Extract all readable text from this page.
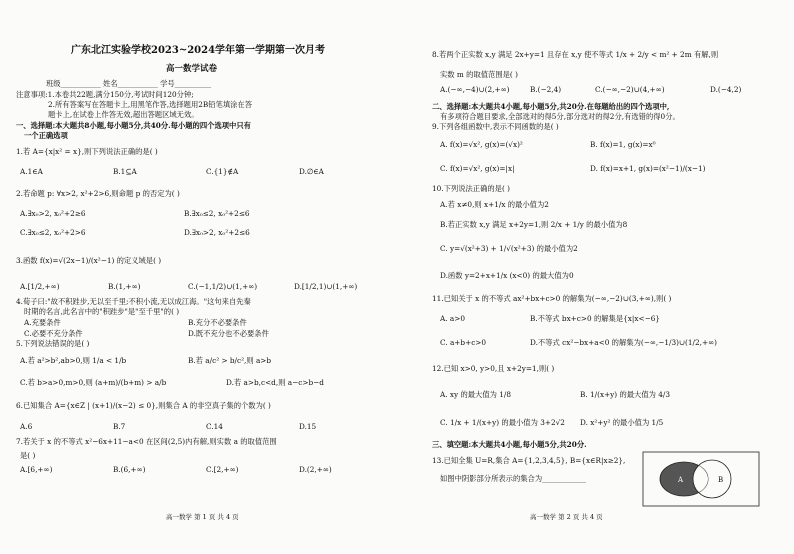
广东北江实验学校2023~2024学年第一学期第一次月考
高一数学试卷
班级___________ 姓名___________ 学号__________
注意事项:1.本卷共22题,满分150分,考试时间120分钟;
2.所有答案写在答题卡上,用黑笔作答,选择题用2B铅笔填涂在答
题卡上,在试卷上作答无效,超出答题区域无效。
一、选择题:本大题共8小题,每小题5分,共40分.每小题的四个选项中只有
一个正确选项
1.若 A={x|x² = x},则下列说法正确的是( )
A.1∈A	B.1⊆A	C.{1}∉A	D.∅∈A
2.若命题 p: ∀x>2, x²+2>6,则命题 p 的否定为( )
A.∃x₀>2, x₀²+2≥6	B.∃x₀≤2, x₀²+2≤6
C.∃x₀≤2, x₀²+2>6	D.∃x₀>2, x₀²+2≤6
3.函数 f(x)=√(2x−1)/(x²−1) 的定义域是( )
A.[1/2,+∞)	B.(1,+∞)	C.(−1,1/2)∪(1,+∞)	D.[1/2,1)∪(1,+∞)
4.荀子曰:"故不积跬步,无以至千里;不积小流,无以成江海。"这句来自先秦
时期的名言,此名言中的"积跬步"是"至千里"的( )
A.充要条件	B.充分不必要条件
C.必要不充分条件	D.既不充分也不必要条件
5.下列说法错误的是( )
A.若 a²>b²,ab>0,则 1/a < 1/b	B.若 a/c² > b/c²,则 a>b
C.若 b>a>0,m>0,则 (a+m)/(b+m) > a/b	D.若 a>b,c<d,则 a−c>b−d
6.已知集合 A={x∈Z | (x+1)/(x−2) ≤ 0},则集合 A 的非空真子集的个数为( )
A.6	B.7	C.14	D.15
7.若关于 x 的不等式 x²−6x+11−a<0 在区间(2,5)内有解,则实数 a 的取值范围
是( )
A.[6,+∞)	B.(6,+∞)	C.[2,+∞)	D.(2,+∞)
高一数学 第 1 页 共 4 页
8.若两个正实数 x,y 满足 2x+y=1 且存在 x,y 使不等式 1/x + 2/y < m² + 2m 有解,则
实数 m 的取值范围是( )
A.(−∞,−4)∪(2,+∞)	B.(−2,4)	C.(−∞,−2)∪(4,+∞)	D.(−4,2)
二、选择题:本大题共4小题,每小题5分,共20分.在每题给出的四个选项中,
有多项符合题目要求,全部选对的得5分,部分选对的得2分,有选错的得0分。
9.下列各组函数中,表示不同函数的是( )
A. f(x)=√x², g(x)=(√x)²	B. f(x)=1, g(x)=x⁰
C. f(x)=√x², g(x)=|x|	D. f(x)=x+1, g(x)=(x²−1)/(x−1)
10.下列说法正确的是( )
A.若 x≠0,则 x+1/x 的最小值为2
B.若正实数 x,y 满足 x+2y=1,则 2/x + 1/y 的最小值为8
C. y=√(x²+3) + 1/√(x²+3) 的最小值为2
D.函数 y=2+x+1/x (x<0) 的最大值为0
11.已知关于 x 的不等式 ax²+bx+c>0 的解集为(−∞,−2)∪(3,+∞),则( )
A. a>0	B.不等式 bx+c>0 的解集是{x|x<−6}
C. a+b+c>0	D.不等式 cx²−bx+a<0 的解集为(−∞,−1/3)∪(1/2,+∞)
12.已知 x>0, y>0,且 x+2y=1,则( )
A. xy 的最大值为 1/8	B. 1/(x+y) 的最大值为 4/3
C. 1/x + 1/(x+y) 的最小值为 3+2√2 D. x²+y² 的最小值为 1/5
三、填空题:本大题共4小题,每小题5分,共20分.
13.已知全集 U=R,集合 A={1,2,3,4,5}, B={x∈R|x≥2},
如图中阴影部分所表示的集合为____________	A	B
高一数学 第 2 页 共 4 页
